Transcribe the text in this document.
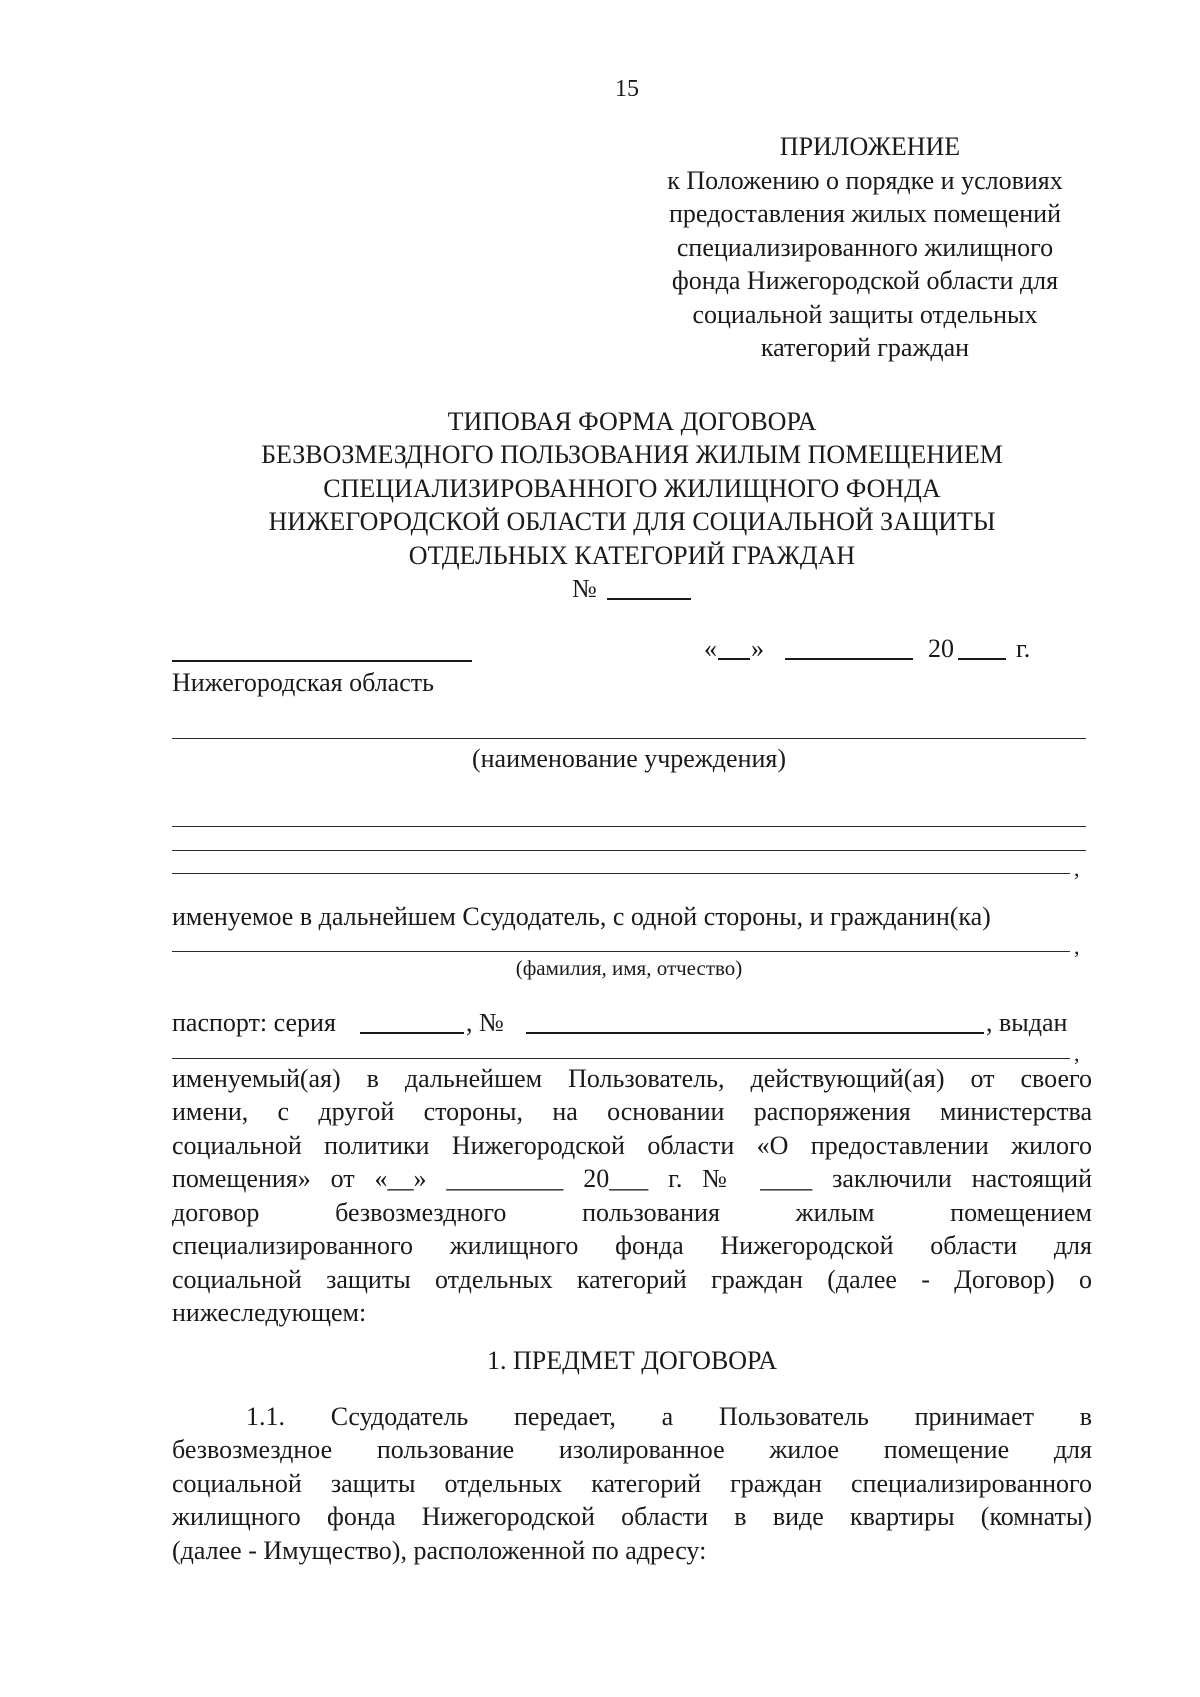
15
ПРИЛОЖЕНИЕ
к Положению о порядке и условиях
предоставления жилых помещений
специализированного жилищного
фонда Нижегородской области для
социальной защиты отдельных
категорий граждан
ТИПОВАЯ ФОРМА ДОГОВОРА
БЕЗВОЗМЕЗДНОГО ПОЛЬЗОВАНИЯ ЖИЛЫМ ПОМЕЩЕНИЕМ
СПЕЦИАЛИЗИРОВАННОГО ЖИЛИЩНОГО ФОНДА
НИЖЕГОРОДСКОЙ ОБЛАСТИ ДЛЯ СОЦИАЛЬНОЙ ЗАЩИТЫ
ОТДЕЛЬНЫХ КАТЕГОРИЙ ГРАЖДАН
№
Нижегородская область
« »	20 г.
(наименование учреждения)
,
именуемое в дальнейшем Ссудодатель, с одной стороны, и гражданин(ка)
,
(фамилия, имя, отчество)
паспорт: серия	, №	, выдан
,
именуемый(ая) в дальнейшем Пользователь, действующий(ая) от своего
имени, с другой стороны, на основании распоряжения министерства
социальной политики Нижегородской области «О предоставлении жилого
помещения» от «__» _________ 20___ г. № ____ заключили настоящий
договор безвозмездного пользования жилым помещением
специализированного жилищного фонда Нижегородской области для
социальной защиты отдельных категорий граждан (далее - Договор) о
нижеследующем:
1. ПРЕДМЕТ ДОГОВОРА
1.1. Ссудодатель передает, а Пользователь принимает в
безвозмездное пользование изолированное жилое помещение для
социальной защиты отдельных категорий граждан специализированного
жилищного фонда Нижегородской области в виде квартиры (комнаты)
(далее - Имущество), расположенной по адресу:
